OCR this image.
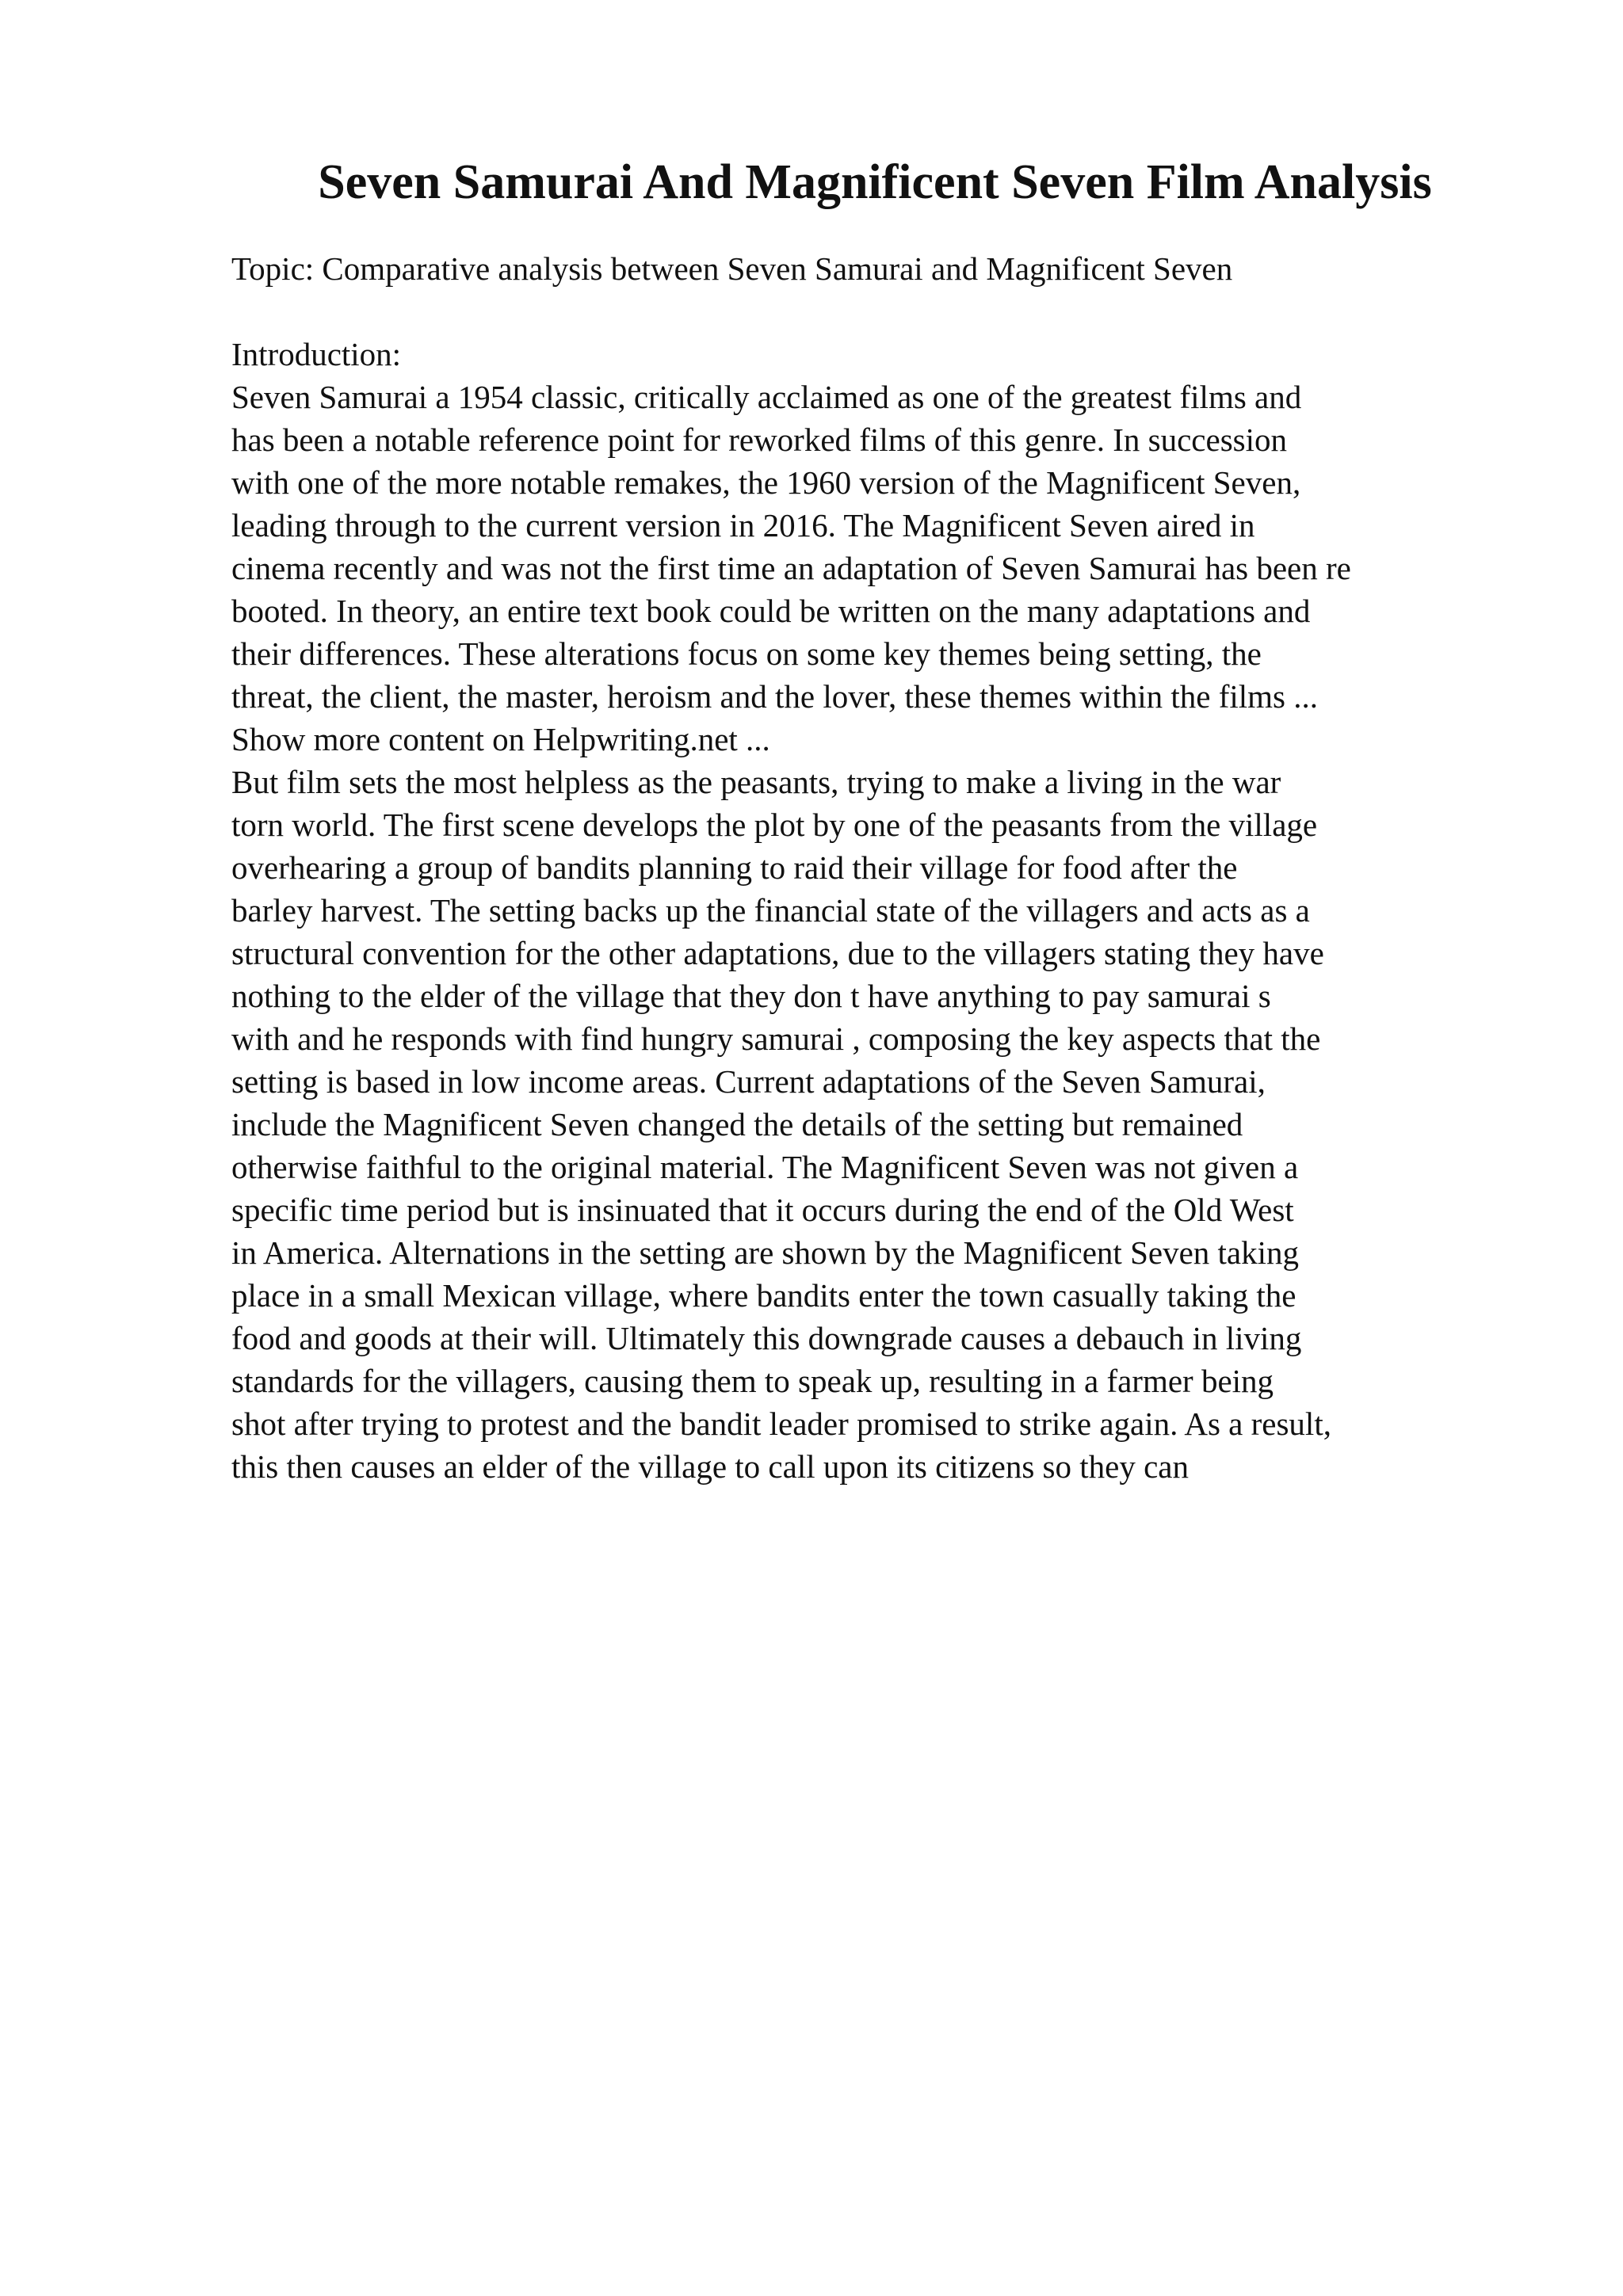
Seven Samurai And Magnificent Seven Film Analysis
Topic: Comparative analysis between Seven Samurai and Magnificent Seven
Introduction:
Seven Samurai a 1954 classic, critically acclaimed as one of the greatest films and
has been a notable reference point for reworked films of this genre. In succession
with one of the more notable remakes, the 1960 version of the Magnificent Seven,
leading through to the current version in 2016. The Magnificent Seven aired in
cinema recently and was not the first time an adaptation of Seven Samurai has been re
booted. In theory, an entire text book could be written on the many adaptations and
their differences. These alterations focus on some key themes being setting, the
threat, the client, the master, heroism and the lover, these themes within the films ...
Show more content on Helpwriting.net ...
But film sets the most helpless as the peasants, trying to make a living in the war
torn world. The first scene develops the plot by one of the peasants from the village
overhearing a group of bandits planning to raid their village for food after the
barley harvest. The setting backs up the financial state of the villagers and acts as a
structural convention for the other adaptations, due to the villagers stating they have
nothing to the elder of the village that they don t have anything to pay samurai s
with and he responds with find hungry samurai , composing the key aspects that the
setting is based in low income areas. Current adaptations of the Seven Samurai,
include the Magnificent Seven changed the details of the setting but remained
otherwise faithful to the original material. The Magnificent Seven was not given a
specific time period but is insinuated that it occurs during the end of the Old West
in America. Alternations in the setting are shown by the Magnificent Seven taking
place in a small Mexican village, where bandits enter the town casually taking the
food and goods at their will. Ultimately this downgrade causes a debauch in living
standards for the villagers, causing them to speak up, resulting in a farmer being
shot after trying to protest and the bandit leader promised to strike again. As a result,
this then causes an elder of the village to call upon its citizens so they can
